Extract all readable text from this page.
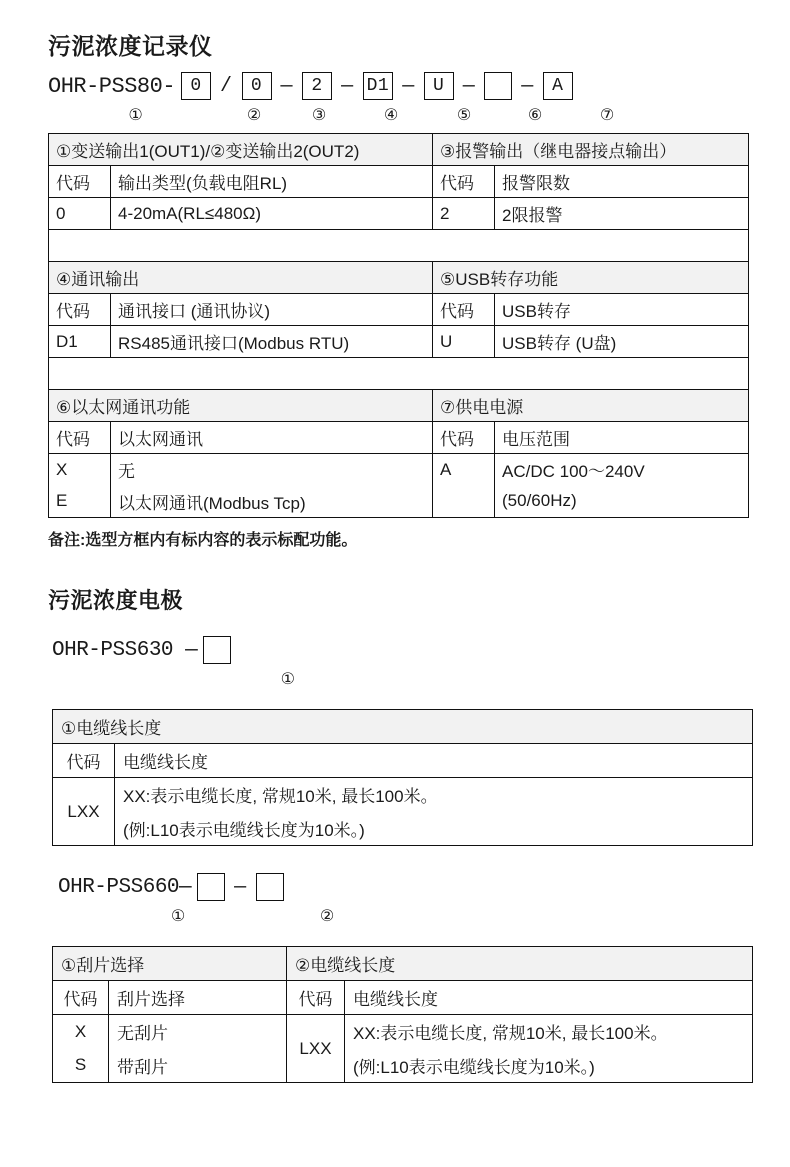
污泥浓度记录仪
OHR-PSS80- 0 /	0 —	2 — D1 —	U — —	A
①	②	③	④	⑤	⑥	⑦
①变送输出1(OUT1)/②变送输出2(OUT2)		③报警输出（继电器接点输出）	
代码	输出类型(负载电阻RL)	代码	报警限数
0	4-20mA(RL≤480Ω)	2	2限报警

④通讯输出		⑤USB转存功能	
代码	通讯接口 (通讯协议)	代码	USB转存
D1	RS485通讯接口(Modbus RTU)	U	USB转存 (U盘)

⑥以太网通讯功能		⑦供电电源	
代码	以太网通讯	代码	电压范围
X	无	A	AC/DC 100～240V
E	以太网通讯(Modbus Tcp)		(50/60Hz)

备注:选型方框内有标内容的表示标配功能。

污泥浓度电极
OHR-PSS630 —
①
①电缆线长度	
代码	电缆线长度
LXX	XX:表示电缆长度, 常规10米, 最长100米。
	(例:L10表示电缆线长度为10米。)
OHR-PSS660— —
①	②
①刮片选择		②电缆线长度	
代码	刮片选择	代码	电缆线长度
X	无刮片	LXX	XX:表示电缆长度, 常规10米, 最长100米。
S	带刮片		(例:L10表示电缆线长度为10米。)
